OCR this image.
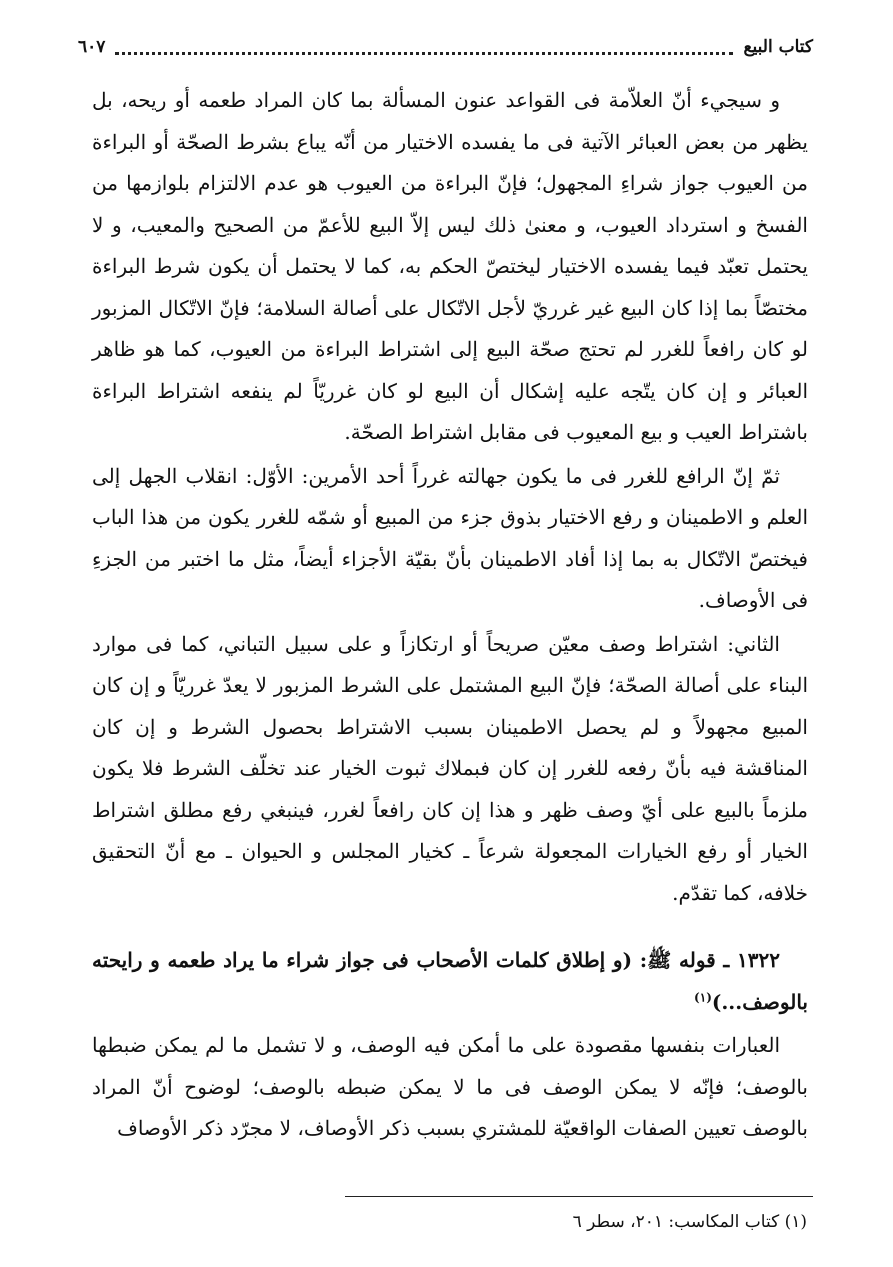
كتاب البيع
٦٠٧

و سيجيء أنّ العلاّمة فى القواعد عنون المسألة بما كان المراد طعمه أو ريحه، بل يظهر من بعض العبائر الآتية فى ما يفسده الاختيار من أنّه يباع بشرط الصحّة أو البراءة من العيوب جواز شراءِ المجهول؛ فإنّ البراءة من العيوب هو عدم الالتزام بلوازمها من الفسخ و استرداد العيوب، و معنىٰ ذلك ليس إلاّ البيع للأعمّ من الصحيح والمعيب، و لا يحتمل تعبّد فيما يفسده الاختيار ليختصّ الحكم به، كما لا يحتمل أن يكون شرط البراءة مختصّاً بما إذا كان البيع غير غرريّ لأجل الاتّكال على أصالة السلامة؛ فإنّ الاتّكال المزبور لو كان رافعاً للغرر لم تحتج صحّة البيع إلى اشتراط البراءة من العيوب، كما هو ظاهر العبائر و إن كان يتّجه عليه إشكال أن البيع لو كان غرريّاً لم ينفعه اشتراط البراءة باشتراط العيب و بيع المعيوب فى مقابل اشتراط الصحّة.

ثمّ إنّ الرافع للغرر فى ما يكون جهالته غرراً أحد الأمرين: الأوّل: انقلاب الجهل إلى العلم و الاطمينان و رفع الاختيار بذوق جزء من المبيع أو شمّه للغرر يكون من هذا الباب فيختصّ الاتّكال به بما إذا أفاد الاطمينان بأنّ بقيّة الأجزاء أيضاً، مثل ما اختبر من الجزءِ فى الأوصاف.

الثاني: اشتراط وصف معيّن صريحاً أو ارتكازاً و على سبيل التباني، كما فى موارد البناء على أصالة الصحّة؛ فإنّ البيع المشتمل على الشرط المزبور لا يعدّ غرريّاً و إن كان المبيع مجهولاً و لم يحصل الاطمينان بسبب الاشتراط بحصول الشرط و إن كان المناقشة فيه بأنّ رفعه للغرر إن كان فبملاك ثبوت الخيار عند تخلّف الشرط فلا يكون ملزماً بالبيع على أيّ وصف ظهر و هذا إن كان رافعاً لغرر، فينبغي رفع مطلق اشتراط الخيار أو رفع الخيارات المجعولة شرعاً ـ كخيار المجلس و الحيوان ـ مع أنّ التحقيق خلافه، كما تقدّم.

١٣٢٢ ـ قوله ﷺ: (و إطلاق كلمات الأصحاب فى جواز شراء ما يراد طعمه و رايحته بالوصف...)$^{(١)}$

العبارات بنفسها مقصودة على ما أمكن فيه الوصف، و لا تشمل ما لم يمكن ضبطها بالوصف؛ فإنّه لا يمكن الوصف فى ما لا يمكن ضبطه بالوصف؛ لوضوح أنّ المراد بالوصف تعيين الصفات الواقعيّة للمشتري بسبب ذكر الأوصاف، لا مجرّد ذكر الأوصاف

(١) كتاب المكاسب: ٢٠١، سطر ٦
